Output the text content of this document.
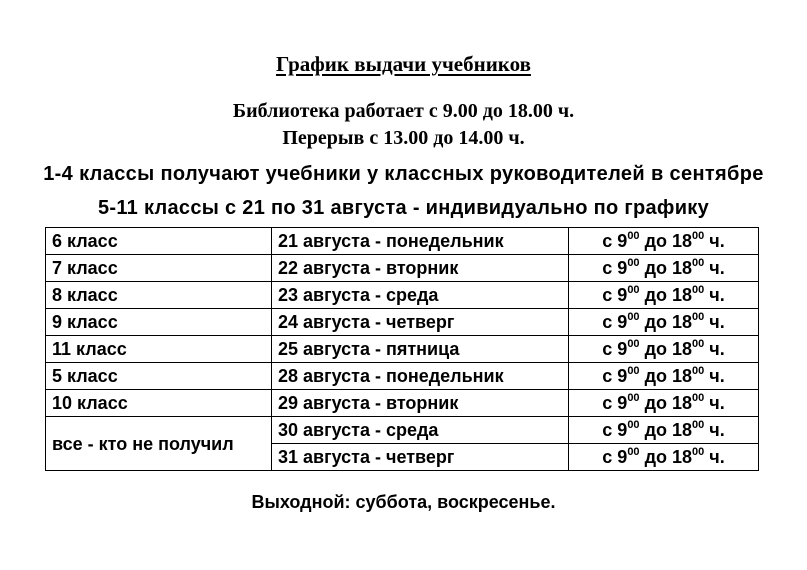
График выдачи учебников
Библиотека работает с 9.00 до 18.00 ч.
Перерыв с 13.00 до 14.00 ч.
1-4 классы получают учебники у классных руководителей в сентябре
5-11 классы с 21 по 31 августа - индивидуально по графику
6 класс	21 августа - понедельник	с $9^{00}$ до $18^{00}$ ч.
7 класс	22 августа - вторник	с $9^{00}$ до $18^{00}$ ч.
8 класс	23 августа - среда	с $9^{00}$ до $18^{00}$ ч.
9 класс	24 августа - четверг	с $9^{00}$ до $18^{00}$ ч.
11 класс	25 августа - пятница	с $9^{00}$ до $18^{00}$ ч.
5 класс	28 августа - понедельник	с $9^{00}$ до $18^{00}$ ч.
10 класс	29 августа - вторник	с $9^{00}$ до $18^{00}$ ч.
все - кто не получил	30 августа - среда	с $9^{00}$ до $18^{00}$ ч.
	31 августа - четверг	с $9^{00}$ до $18^{00}$ ч.
Выходной: суббота, воскресенье.
